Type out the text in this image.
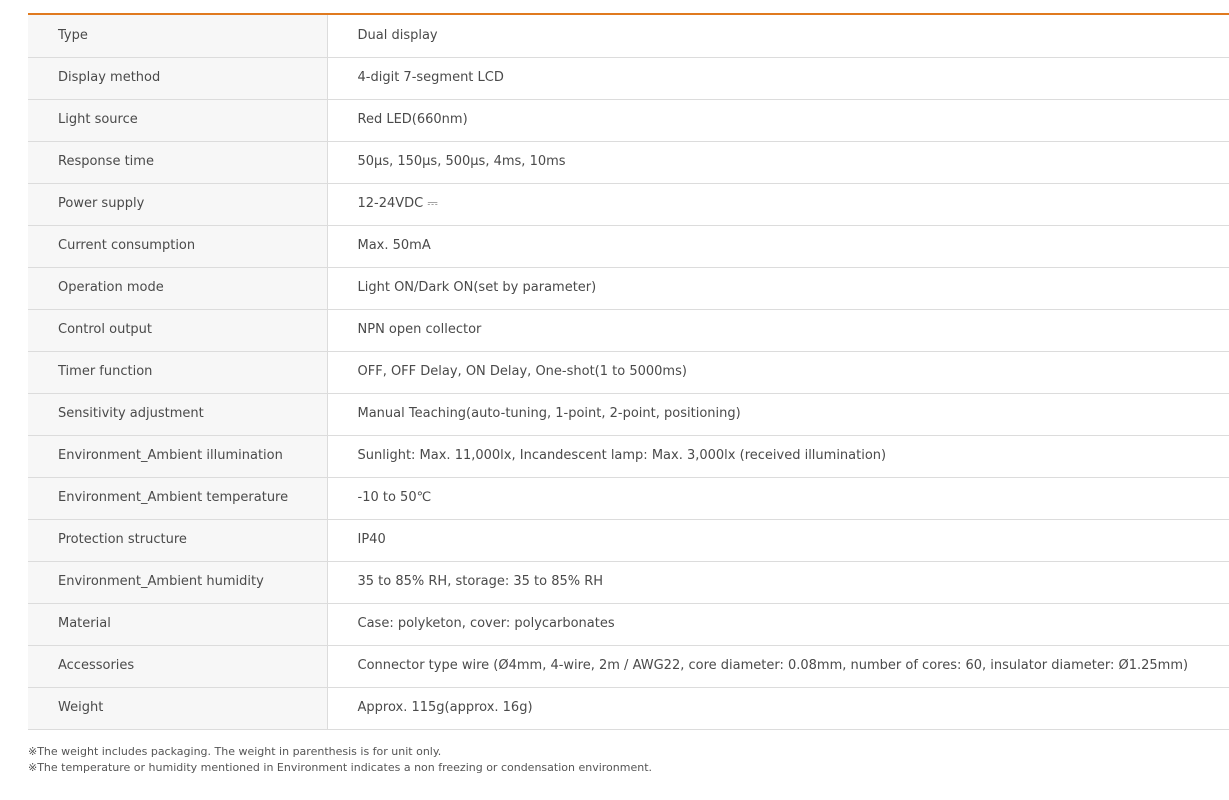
Type	Dual display
Display method	4-digit 7-segment LCD
Light source	Red LED(660nm)
Response time	50μs, 150μs, 500μs, 4ms, 10ms
Power supply	12-24VDC ⎓
Current consumption	Max. 50mA
Operation mode	Light ON/Dark ON(set by parameter)
Control output	NPN open collector
Timer function	OFF, OFF Delay, ON Delay, One-shot(1 to 5000ms)
Sensitivity adjustment	Manual Teaching(auto-tuning, 1-point, 2-point, positioning)
Environment_Ambient illumination	Sunlight: Max. 11,000lx, Incandescent lamp: Max. 3,000lx (received illumination)
Environment_Ambient temperature	-10 to 50℃
Protection structure	IP40
Environment_Ambient humidity	35 to 85% RH, storage: 35 to 85% RH
Material	Case: polyketon, cover: polycarbonates
Accessories	Connector type wire (Ø4mm, 4-wire, 2m / AWG22, core diameter: 0.08mm, number of cores: 60, insulator diameter: Ø1.25mm)
Weight	Approx. 115g(approx. 16g)
※The weight includes packaging. The weight in parenthesis is for unit only.
※The temperature or humidity mentioned in Environment indicates a non freezing or condensation environment.
